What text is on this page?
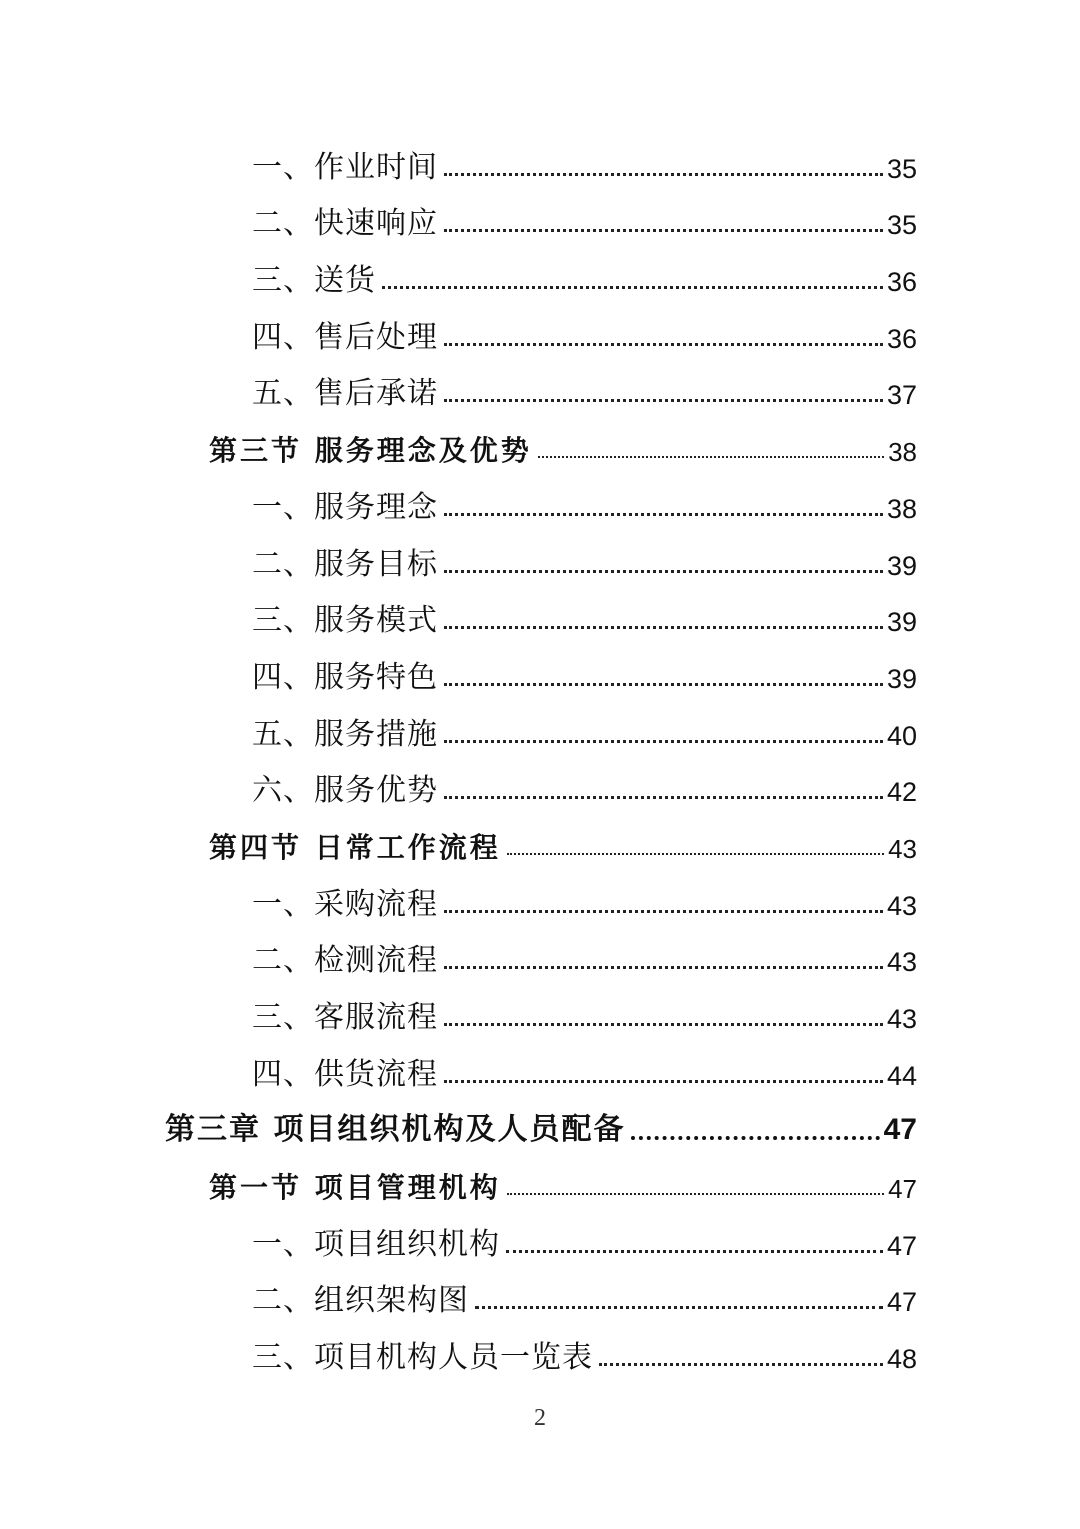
一、作业时间	35
二、快速响应	35
三、送货	36
四、售后处理	36
五、售后承诺	37
第三节 服务理念及优势	38
一、服务理念	38
二、服务目标	39
三、服务模式	39
四、服务特色	39
五、服务措施	40
六、服务优势	42
第四节 日常工作流程	43
一、采购流程	43
二、检测流程	43
三、客服流程	43
四、供货流程	44
第三章 项目组织机构及人员配备	47
第一节 项目管理机构	47
一、项目组织机构	47
二、组织架构图	47
三、项目机构人员一览表	48
2
